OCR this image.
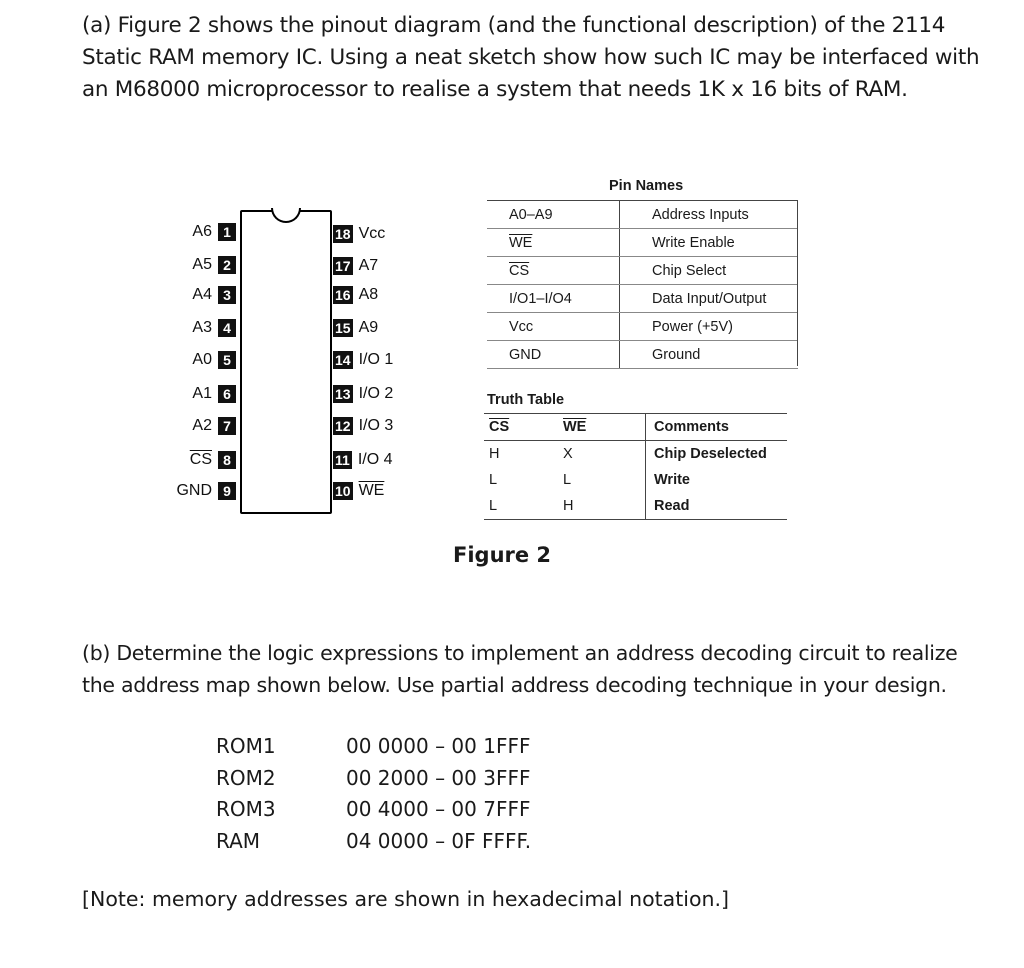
(a) Figure 2 shows the pinout diagram (and the functional description) of the 2114 Static RAM memory IC. Using a neat sketch show how such IC may be interfaced with an M68000 microprocessor to realise a system that needs 1K x 16 bits of RAM.

A6 1
A5 2
A4 3
A3 4
A0 5
A1 6
A2 7
$\overline{CS}$ 8
GND 9
18 Vcc
17 A7
16 A8
15 A9
14 I/O 1
13 I/O 2
12 I/O 3
11 I/O 4
10 $\overline{WE}$
Pin Names
A0–A9	Address Inputs
$\overline{WE}$	Write Enable
$\overline{CS}$	Chip Select
I/O1–I/O4	Data Input/Output
Vcc	Power (+5V)
GND	Ground
Truth Table
$\overline{CS}$	$\overline{WE}$	Comments
H	X	Chip Deselected
L	L	Write
L	H	Read
Figure 2

(b) Determine the logic expressions to implement an address decoding circuit to realize the address map shown below. Use partial address decoding technique in your design.

ROM1	00 0000 – 00 1FFF
ROM2	00 2000 – 00 3FFF
ROM3	00 4000 – 00 7FFF
RAM	04 0000 – 0F FFFF.
[Note: memory addresses are shown in hexadecimal notation.]
